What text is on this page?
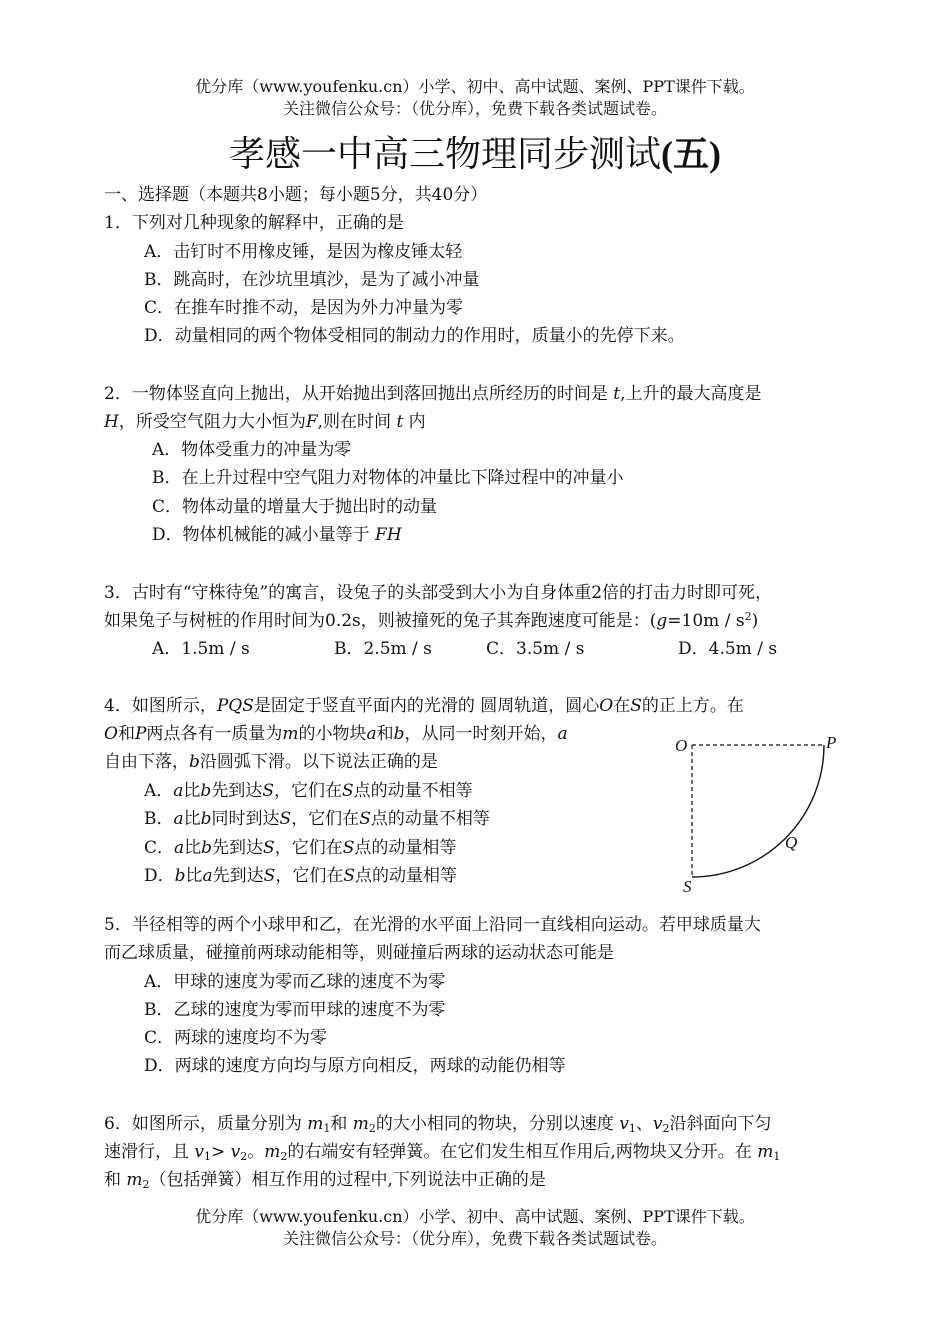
优分库（www.youfenku.cn）小学、初中、高中试题、案例、PPT课件下载。
关注微信公众号：（优分库），免费下载各类试题试卷。
孝感一中高三物理同步测试(五)
一、选择题（本题共8小题；每小题5分，共40分）
1．下列对几种现象的解释中，正确的是
A．击钉时不用橡皮锤，是因为橡皮锤太轻
B．跳高时，在沙坑里填沙，是为了减小冲量
C．在推车时推不动，是因为外力冲量为零
D．动量相同的两个物体受相同的制动力的作用时，质量小的先停下来。
2．一物体竖直向上抛出，从开始抛出到落回抛出点所经历的时间是 t,上升的最大高度是
H，所受空气阻力大小恒为F,则在时间 t 内
A．物体受重力的冲量为零
B．在上升过程中空气阻力对物体的冲量比下降过程中的冲量小
C．物体动量的增量大于抛出时的动量
D．物体机械能的减小量等于 FH
3．古时有“守株待兔”的寓言，设兔子的头部受到大小为自身体重2倍的打击力时即可死，
如果兔子与树桩的作用时间为0.2s，则被撞死的兔子其奔跑速度可能是：$(g=10m / s^2)$
A．1.5m / s	B．2.5m / s	C．3.5m / s	D．4.5m / s
4．如图所示，PQS是固定于竖直平面内的光滑的 圆周轨道，圆心O在S的正上方。在
O和P两点各有一质量为m的小物块a和b，从同一时刻开始，a
自由下落，b沿圆弧下滑。以下说法正确的是
A．a比b先到达S，它们在S点的动量不相等
B．a比b同时到达S，它们在S点的动量不相等
C．a比b先到达S，它们在S点的动量相等
D．b比a先到达S，它们在S点的动量相等
O	P
Q
S
5．半径相等的两个小球甲和乙，在光滑的水平面上沿同一直线相向运动。若甲球质量大
而乙球质量，碰撞前两球动能相等，则碰撞后两球的运动状态可能是
A．甲球的速度为零而乙球的速度不为零
B．乙球的速度为零而甲球的速度不为零
C．两球的速度均不为零
D．两球的速度方向均与原方向相反，两球的动能仍相等
6．如图所示，质量分别为 $m_1$和 $m_2$的大小相同的物块，分别以速度 $v_1$、$v_2$沿斜面向下匀
速滑行，且 $v_1> v_2$。$m_2$的右端安有轻弹簧。在它们发生相互作用后,两物块又分开。在 $m_1$
和 $m_2$（包括弹簧）相互作用的过程中,下列说法中正确的是
优分库（www.youfenku.cn）小学、初中、高中试题、案例、PPT课件下载。
关注微信公众号：（优分库），免费下载各类试题试卷。
